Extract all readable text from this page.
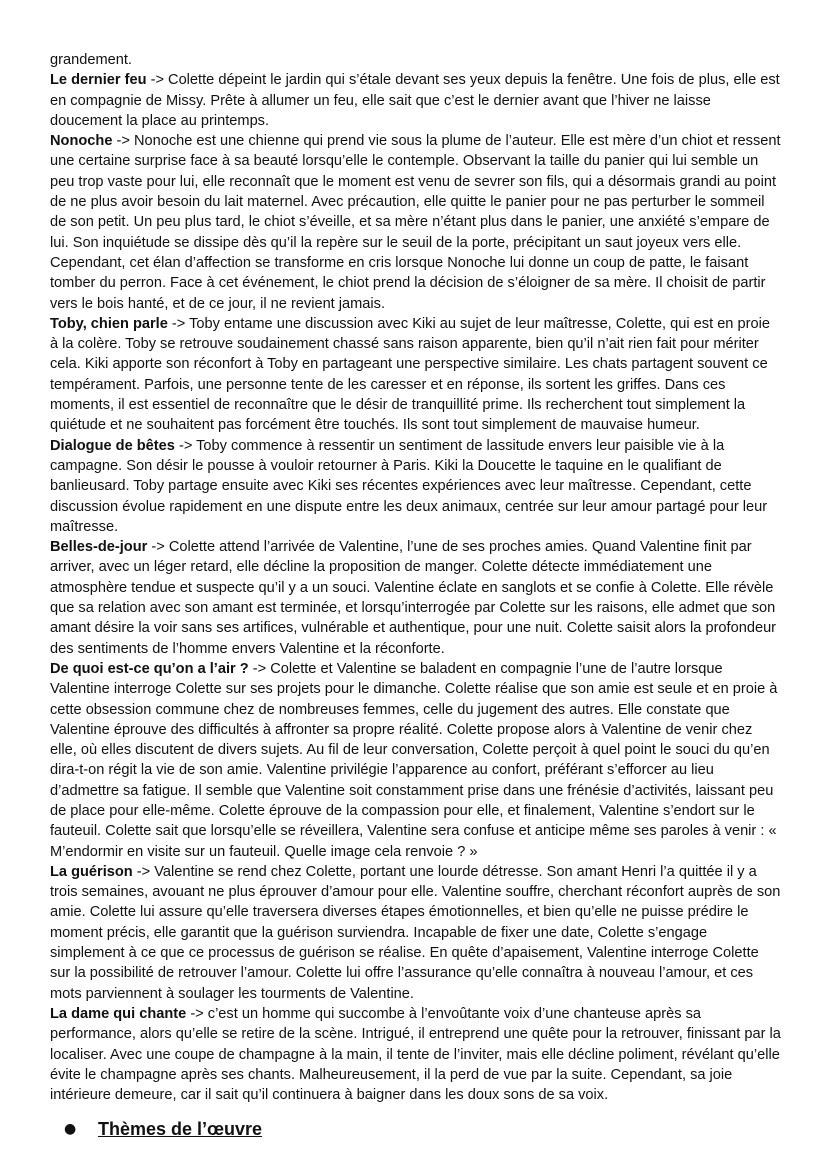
grandement.

Le dernier feu -> Colette dépeint le jardin qui s’étale devant ses yeux depuis la fenêtre. Une fois de plus, elle est en compagnie de Missy. Prête à allumer un feu, elle sait que c’est le dernier avant que l’hiver ne laisse doucement la place au printemps.

Nonoche -> Nonoche est une chienne qui prend vie sous la plume de l’auteur. Elle est mère d’un chiot et ressent une certaine surprise face à sa beauté lorsqu’elle le contemple. Observant la taille du panier qui lui semble un peu trop vaste pour lui, elle reconnaît que le moment est venu de sevrer son fils, qui a désormais grandi au point de ne plus avoir besoin du lait maternel. Avec précaution, elle quitte le panier pour ne pas perturber le sommeil de son petit. Un peu plus tard, le chiot s’éveille, et sa mère n’étant plus dans le panier, une anxiété s’empare de lui. Son inquiétude se dissipe dès qu’il la repère sur le seuil de la porte, précipitant un saut joyeux vers elle. Cependant, cet élan d’affection se transforme en cris lorsque Nonoche lui donne un coup de patte, le faisant tomber du perron. Face à cet événement, le chiot prend la décision de s’éloigner de sa mère. Il choisit de partir vers le bois hanté, et de ce jour, il ne revient jamais.

Toby, chien parle -> Toby entame une discussion avec Kiki au sujet de leur maîtresse, Colette, qui est en proie à la colère. Toby se retrouve soudainement chassé sans raison apparente, bien qu’il n’ait rien fait pour mériter cela. Kiki apporte son réconfort à Toby en partageant une perspective similaire. Les chats partagent souvent ce tempérament. Parfois, une personne tente de les caresser et en réponse, ils sortent les griffes. Dans ces moments, il est essentiel de reconnaître que le désir de tranquillité prime. Ils recherchent tout simplement la quiétude et ne souhaitent pas forcément être touchés. Ils sont tout simplement de mauvaise humeur.

Dialogue de bêtes -> Toby commence à ressentir un sentiment de lassitude envers leur paisible vie à la campagne. Son désir le pousse à vouloir retourner à Paris. Kiki la Doucette le taquine en le qualifiant de banlieusard. Toby partage ensuite avec Kiki ses récentes expériences avec leur maîtresse. Cependant, cette discussion évolue rapidement en une dispute entre les deux animaux, centrée sur leur amour partagé pour leur maîtresse.

Belles-de-jour -> Colette attend l’arrivée de Valentine, l’une de ses proches amies. Quand Valentine finit par arriver, avec un léger retard, elle décline la proposition de manger. Colette détecte immédiatement une atmosphère tendue et suspecte qu’il y a un souci. Valentine éclate en sanglots et se confie à Colette. Elle révèle que sa relation avec son amant est terminée, et lorsqu’interrogée par Colette sur les raisons, elle admet que son amant désire la voir sans ses artifices, vulnérable et authentique, pour une nuit. Colette saisit alors la profondeur des sentiments de l’homme envers Valentine et la réconforte.

De quoi est-ce qu’on a l’air ? -> Colette et Valentine se baladent en compagnie l’une de l’autre lorsque Valentine interroge Colette sur ses projets pour le dimanche. Colette réalise que son amie est seule et en proie à cette obsession commune chez de nombreuses femmes, celle du jugement des autres. Elle constate que Valentine éprouve des difficultés à affronter sa propre réalité. Colette propose alors à Valentine de venir chez elle, où elles discutent de divers sujets. Au fil de leur conversation, Colette perçoit à quel point le souci du qu’en dira-t-on régit la vie de son amie. Valentine privilégie l’apparence au confort, préférant s’efforcer au lieu d’admettre sa fatigue. Il semble que Valentine soit constamment prise dans une frénésie d’activités, laissant peu de place pour elle-même. Colette éprouve de la compassion pour elle, et finalement, Valentine s’endort sur le fauteuil. Colette sait que lorsqu’elle se réveillera, Valentine sera confuse et anticipe même ses paroles à venir : « M’endormir en visite sur un fauteuil. Quelle image cela renvoie ? »

La guérison -> Valentine se rend chez Colette, portant une lourde détresse. Son amant Henri l’a quittée il y a trois semaines, avouant ne plus éprouver d’amour pour elle. Valentine souffre, cherchant réconfort auprès de son amie. Colette lui assure qu’elle traversera diverses étapes émotionnelles, et bien qu’elle ne puisse prédire le moment précis, elle garantit que la guérison surviendra. Incapable de fixer une date, Colette s’engage simplement à ce que ce processus de guérison se réalise. En quête d’apaisement, Valentine interroge Colette sur la possibilité de retrouver l’amour. Colette lui offre l’assurance qu’elle connaîtra à nouveau l’amour, et ces mots parviennent à soulager les tourments de Valentine.

La dame qui chante -> c’est un homme qui succombe à l’envoûtante voix d’une chanteuse après sa performance, alors qu’elle se retire de la scène. Intrigué, il entreprend une quête pour la retrouver, finissant par la localiser. Avec une coupe de champagne à la main, il tente de l’inviter, mais elle décline poliment, révélant qu’elle évite le champagne après ses chants. Malheureusement, il la perd de vue par la suite. Cependant, sa joie intérieure demeure, car il sait qu’il continuera à baigner dans les doux sons de sa voix.

●	Thèmes de l’œuvre
